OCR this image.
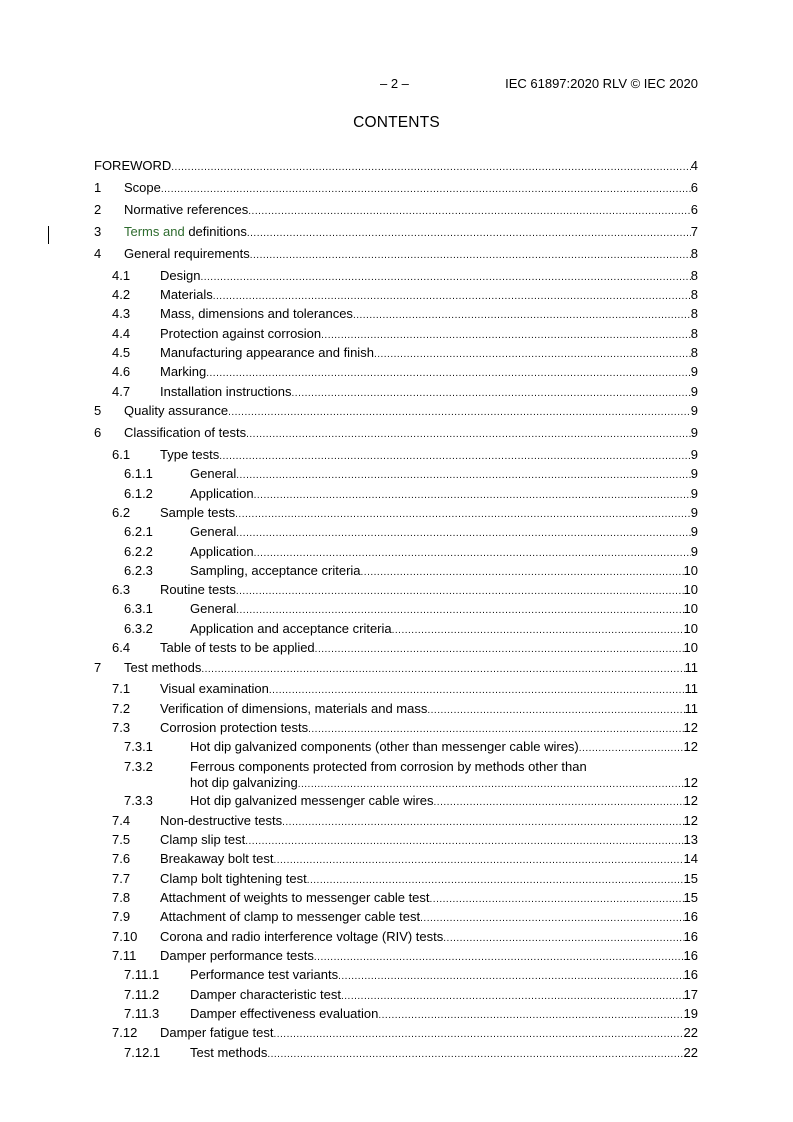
– 2 –	IEC 61897:2020 RLV © IEC 2020
CONTENTS
FOREWORD .....	4
1 Scope .....	6
2 Normative references .....	6
3 Terms and definitions .....	7
4 General requirements .....	8
4.1 Design .....	8
4.2 Materials .....	8
4.3 Mass, dimensions and tolerances .....	8
4.4 Protection against corrosion .....	8
4.5 Manufacturing appearance and finish .....	8
4.6 Marking .....	9
4.7 Installation instructions .....	9
5 Quality assurance .....	9
6 Classification of tests .....	9
6.1 Type tests .....	9
6.1.1	General .....	9
6.1.2	Application .....	9
6.2 Sample tests .....	9
6.2.1	General .....	9
6.2.2	Application .....	9
6.2.3	Sampling, acceptance criteria .....	10
6.3 Routine tests .....	10
6.3.1	General .....	10
6.3.2	Application and acceptance criteria .....	10
6.4 Table of tests to be applied .....	10
7 Test methods .....	11
7.1 Visual examination .....	11
7.2 Verification of dimensions, materials and mass .....	11
7.3 Corrosion protection tests .....	12
7.3.1	Hot dip galvanized components (other than messenger cable wires) .....	12
7.3.2	Ferrous components protected from corrosion by methods other than
hot dip galvanizing .....	12
7.3.3	Hot dip galvanized messenger cable wires .....	12
7.4 Non-destructive tests .....	12
7.5 Clamp slip test .....	13
7.6 Breakaway bolt test .....	14
7.7 Clamp bolt tightening test .....	15
7.8 Attachment of weights to messenger cable test .....	15
7.9 Attachment of clamp to messenger cable test .....	16
7.10 Corona and radio interference voltage (RIV) tests .....	16
7.11 Damper performance tests .....	16
7.11.1 Performance test variants .....	16
7.11.2 Damper characteristic test .....	17
7.11.3 Damper effectiveness evaluation .....	19
7.12 Damper fatigue test .....	22
7.12.1 Test methods .....	22
